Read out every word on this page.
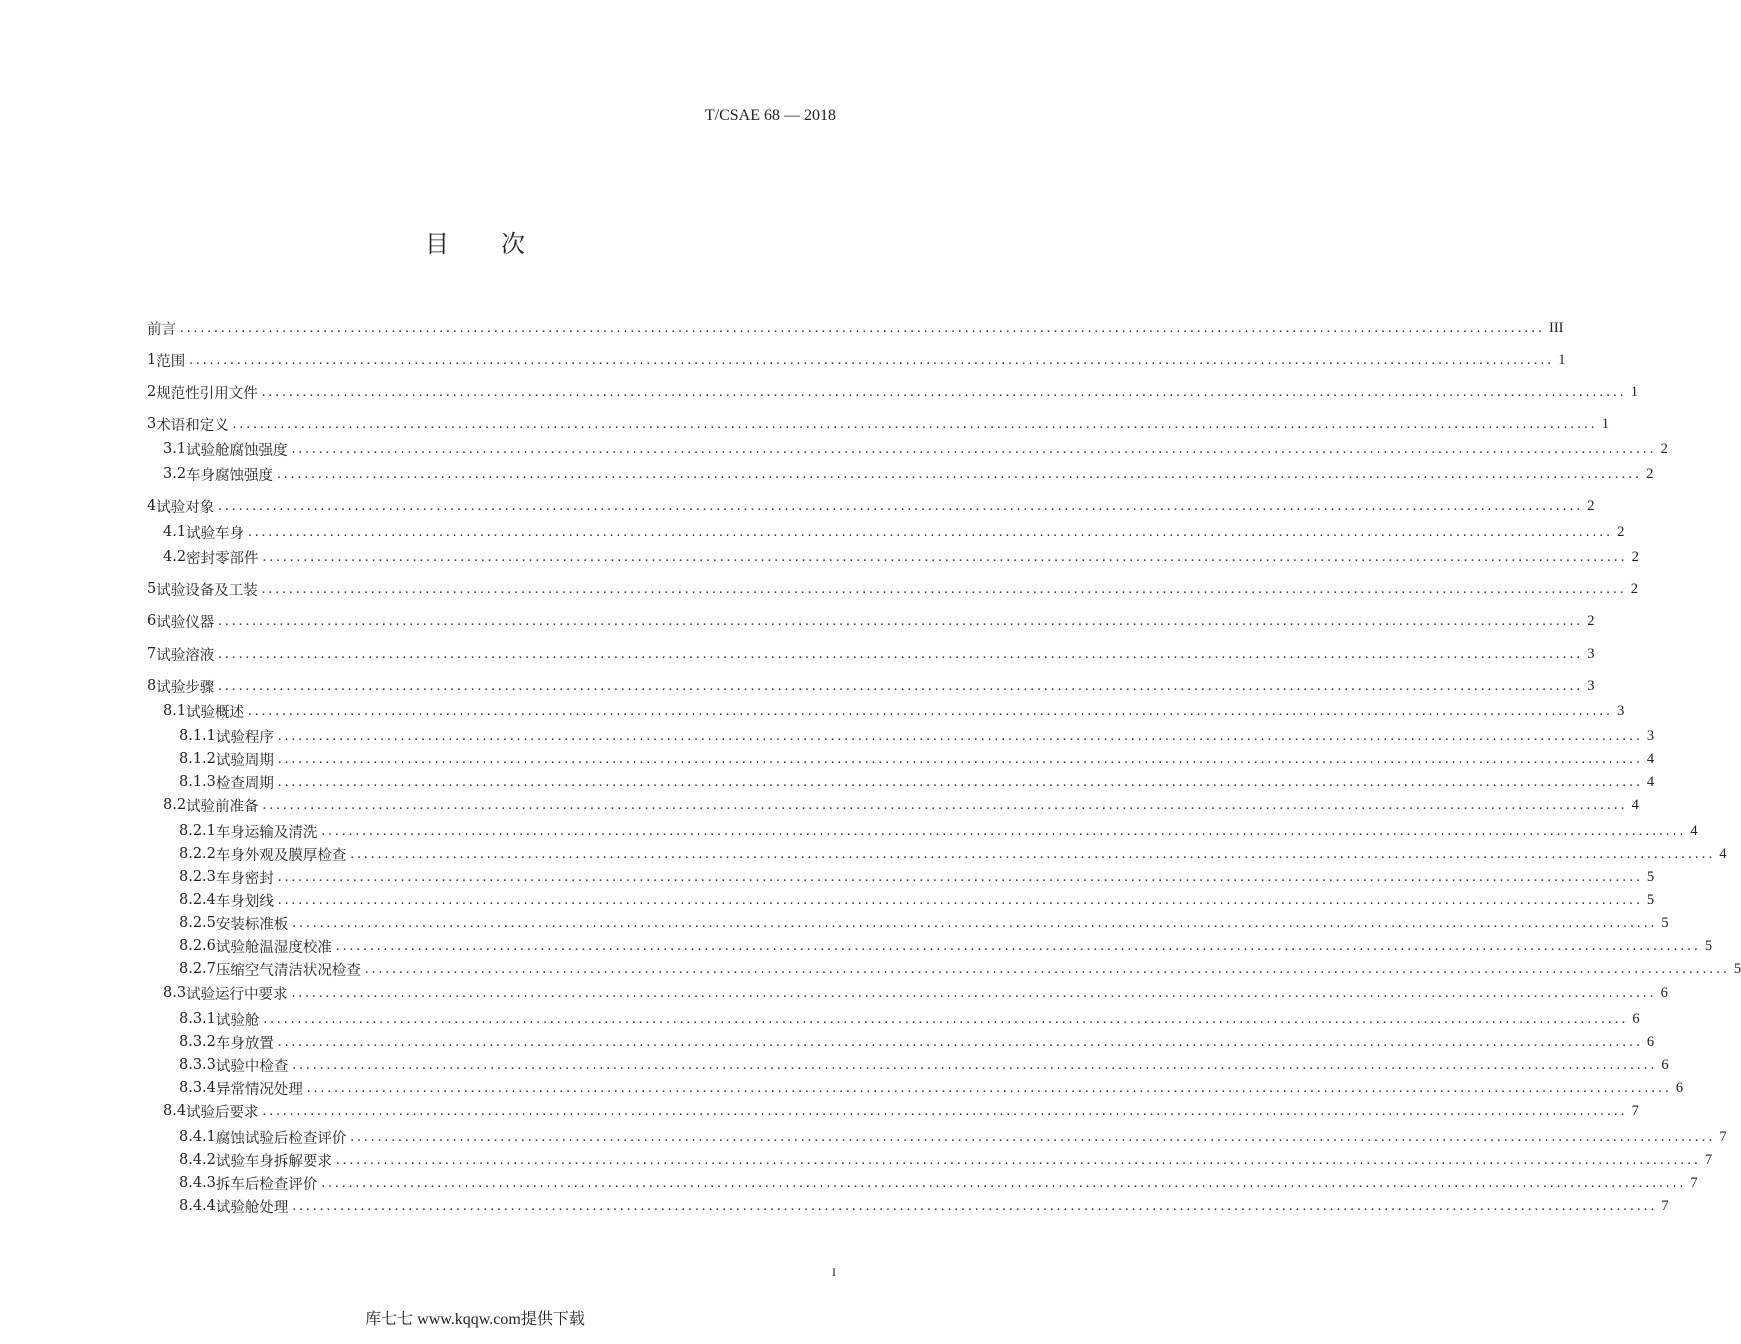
T/CSAE 68 — 2018
目 次
前言 ........................................................................................................................................................................................................ III
1 范围 ........................................................................................................................................................................................................ 1
2 规范性引用文件 ........................................................................................................................................................................................................ 1
3 术语和定义 ........................................................................................................................................................................................................ 1
3.1 试验舱腐蚀强度 ........................................................................................................................................................................................................ 2
3.2 车身腐蚀强度 ........................................................................................................................................................................................................ 2
4 试验对象 ........................................................................................................................................................................................................ 2
4.1 试验车身 ........................................................................................................................................................................................................ 2
4.2 密封零部件 ........................................................................................................................................................................................................ 2
5 试验设备及工装 ........................................................................................................................................................................................................ 2
6 试验仪器 ........................................................................................................................................................................................................ 2
7 试验溶液 ........................................................................................................................................................................................................ 3
8 试验步骤 ........................................................................................................................................................................................................ 3
8.1 试验概述 ........................................................................................................................................................................................................ 3
8.1.1 试验程序 ........................................................................................................................................................................................................ 3
8.1.2 试验周期 ........................................................................................................................................................................................................ 4
8.1.3 检查周期 ........................................................................................................................................................................................................ 4
8.2 试验前准备 ........................................................................................................................................................................................................ 4
8.2.1 车身运输及清洗 ........................................................................................................................................................................................................ 4
8.2.2 车身外观及膜厚检查 ........................................................................................................................................................................................................ 4
8.2.3 车身密封 ........................................................................................................................................................................................................ 5
8.2.4 车身划线 ........................................................................................................................................................................................................ 5
8.2.5 安装标准板 ........................................................................................................................................................................................................ 5
8.2.6 试验舱温湿度校准 ........................................................................................................................................................................................................ 5
8.2.7 压缩空气清洁状况检查 ........................................................................................................................................................................................................ 5
8.3 试验运行中要求 ........................................................................................................................................................................................................ 6
8.3.1 试验舱 ........................................................................................................................................................................................................ 6
8.3.2 车身放置 ........................................................................................................................................................................................................ 6
8.3.3 试验中检查 ........................................................................................................................................................................................................ 6
8.3.4 异常情况处理 ........................................................................................................................................................................................................ 6
8.4 试验后要求 ........................................................................................................................................................................................................ 7
8.4.1 腐蚀试验后检查评价 ........................................................................................................................................................................................................ 7
8.4.2 试验车身拆解要求 ........................................................................................................................................................................................................ 7
8.4.3 拆车后检查评价 ........................................................................................................................................................................................................ 7
8.4.4 试验舱处理 ........................................................................................................................................................................................................ 7
I
库七七 www.kqqw.com提供下载
